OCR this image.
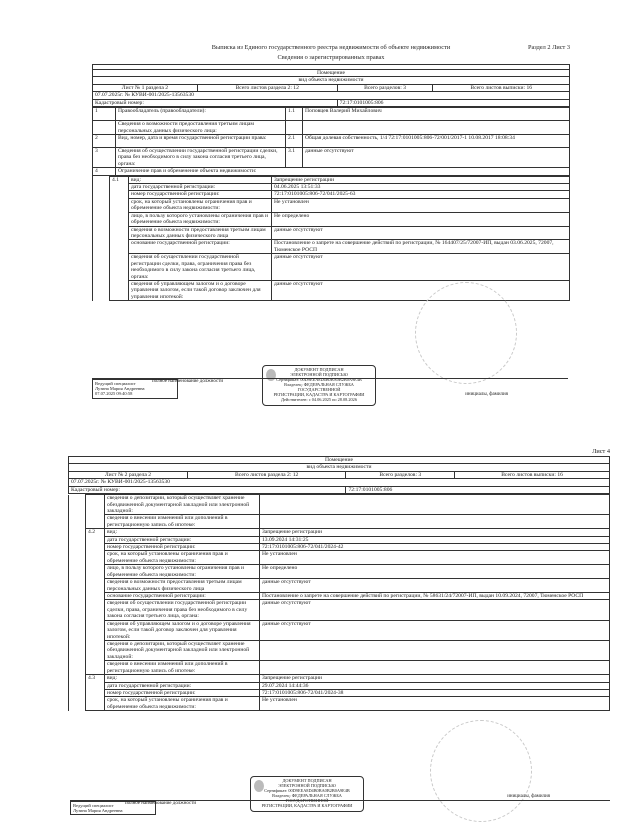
Выписка из Единого государственного реестра недвижимости об объекте недвижимости	Раздел 2 Лист 3
Сведения о зарегистрированных правах

Помещение			
вид объекта недвижимости			
Лист № 1 раздела 2	Всего листов раздела 2: 12	Всего разделов: 3	Всего листов выписки: 16
07.07.2025г. № КУВИ-001/2025-13563530			
Кадастровый номер:		72:17:0101005:806	
1	Правообладатель (правообладатели):	1.1	Поповцев Валерий Михайлович
	Сведения о возможности предоставления третьим лицам персональных данных физического лица:		
2	Вид, номер, дата и время государственной регистрации права:	2.1	Общая долевая собственность, 1/4 72:17:0101005:806-72/001/2017-1 10.08.2017 18:08:34
3	Сведения об осуществлении государственной регистрации сделки, права без необходимого в силу закона согласия третьего лица, органа:	3.1	данные отсутствуют
4	Ограничение прав и обременение объекта недвижимости:		
	4.1	вид:	Запрещение регистрации
		дата государственной регистрации:	04.06.2025 13:51:33
		номер государственной регистрации:	72:17:0101005:806-72/041/2025-63
		срок, на который установлены ограничения прав и обременение объекта недвижимости:	Не установлен
		лицо, в пользу которого установлены ограничения прав и обременение объекта недвижимости:	Не определено
		сведения о возможности предоставления третьим лицам персональных данных физического лица	данные отсутствуют
		основание государственной регистрации:	Постановление о запрете на совершение действий по регистрации, № 164407/25/72007-ИП, выдан 03.06.2025, 72007, Тюменское РОСП
		сведения об осуществлении государственной регистрации сделки, права, ограничения права без необходимого в силу закона согласия третьего лица, органа:	данные отсутствуют
		сведения об управляющем залогом и о договоре управления залогом, если такой договор заключен для управления ипотекой:	данные отсутствуют
ДОКУМЕНТ ПОДПИСАН
ЭЛЕКТРОННОЙ ПОДПИСЬЮ
Сертификат: 00D9EEA8D4B0BA0B2B0A9E4B
Владелец: ФЕДЕРАЛЬНАЯ СЛУЖБА ГОСУДАРСТВЕННОЙ
РЕГИСТРАЦИИ, КАДАСТРА И КАРТОГРАФИИ
Действителен: с 04.06.2025 по 28.08.2026
полное наименование должности
инициалы, фамилия
Ведущий специалист
Лузина Мария Андреевна
07.07.2025 09:40:58
Лист 4
Помещение			
вид объекта недвижимости			
Лист № 2 раздела 2	Всего листов раздела 2: 12	Всего разделов: 3	Всего листов выписки: 16
07.07.2025г. № КУВИ-001/2025-13563530			
Кадастровый номер:		72:17:0101005:806	
		сведения о депозитарии, который осуществляет хранение обездвиженной документарной закладной или электронной закладной:	
		сведения о внесении изменений или дополнений в регистрационную запись об ипотеке:	
	4.2	вид:	Запрещение регистрации
		дата государственной регистрации:	13.09.2024 14:31:25
		номер государственной регистрации:	72:17:0101005:806-72/041/2024-42
		срок, на который установлены ограничения прав и обременение объекта недвижимости:	Не установлен
		лицо, в пользу которого установлены ограничения прав и обременение объекта недвижимости:	Не определено
		сведения о возможности предоставления третьим лицам персональных данных физического лица	данные отсутствуют
		основание государственной регистрации:	Постановление о запрете на совершение действий по регистрации, № 58631/24/72007-ИП, выдан 10.09.2024, 72007, Тюменское РОСП
		сведения об осуществлении государственной регистрации сделки, права, ограничения права без необходимого в силу закона согласия третьего лица, органа:	данные отсутствуют
		сведения об управляющем залогом и о договоре управления залогом, если такой договор заключен для управления ипотекой:	данные отсутствуют
		сведения о депозитарии, который осуществляет хранение обездвиженной документарной закладной или электронной закладной:	
		сведения о внесении изменений или дополнений в регистрационную запись об ипотеке:	
	4.3	вид:	Запрещение регистрации
		дата государственной регистрации:	29.07.2024 14:44:36
		номер государственной регистрации:	72:17:0101005:806-72/041/2024-38
		срок, на который установлены ограничения прав и обременение объекта недвижимости:	Не установлен
ДОКУМЕНТ ПОДПИСАН
ЭЛЕКТРОННОЙ ПОДПИСЬЮ
Сертификат: 00D9EEA8D4B0BA0B2B0A9E4B
Владелец: ФЕДЕРАЛЬНАЯ СЛУЖБА ГОСУДАРСТВЕННОЙ
РЕГИСТРАЦИИ, КАДАСТРА И КАРТОГРАФИИ
полное наименование должности
инициалы, фамилия
Ведущий специалист
Лузина Мария Андреевна
